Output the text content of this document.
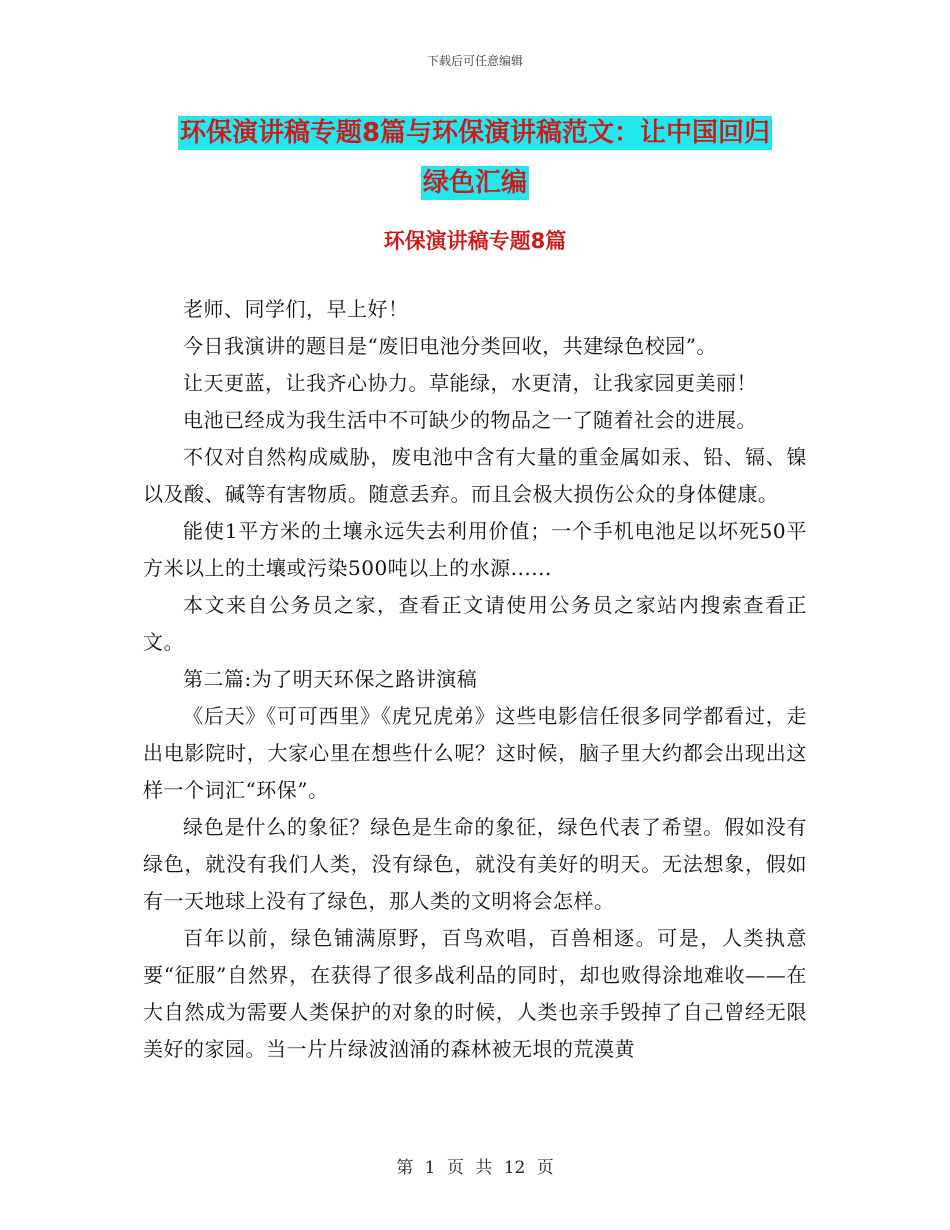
下载后可任意编辑
环保演讲稿专题8篇与环保演讲稿范文：让中国回归
绿色汇编
环保演讲稿专题8篇

老师、同学们，早上好！

今日我演讲的题目是“废旧电池分类回收，共建绿色校园”。

让天更蓝，让我齐心协力。草能绿，水更清，让我家园更美丽！

电池已经成为我生活中不可缺少的物品之一了随着社会的进展。

不仅对自然构成威胁，废电池中含有大量的重金属如汞、铅、镉、镍以及酸、碱等有害物质。随意丢弃。而且会极大损伤公众的身体健康。

能使1平方米的土壤永远失去利用价值；一个手机电池足以坏死50平方米以上的土壤或污染500吨以上的水源......

本文来自公务员之家，查看正文请使用公务员之家站内搜索查看正文。

第二篇:为了明天环保之路讲演稿

《后天》《可可西里》《虎兄虎弟》这些电影信任很多同学都看过，走出电影院时，大家心里在想些什么呢？这时候，脑子里大约都会出现出这样一个词汇“环保”。

绿色是什么的象征？绿色是生命的象征，绿色代表了希望。假如没有绿色，就没有我们人类，没有绿色，就没有美好的明天。无法想象，假如有一天地球上没有了绿色，那人类的文明将会怎样。

百年以前，绿色铺满原野，百鸟欢唱，百兽相逐。可是，人类执意要“征服”自然界，在获得了很多战利品的同时，却也败得涂地难收——在大自然成为需要人类保护的对象的时候，人类也亲手毁掉了自己曾经无限美好的家园。当一片片绿波汹涌的森林被无垠的荒漠黄

第 1 页 共 12 页
